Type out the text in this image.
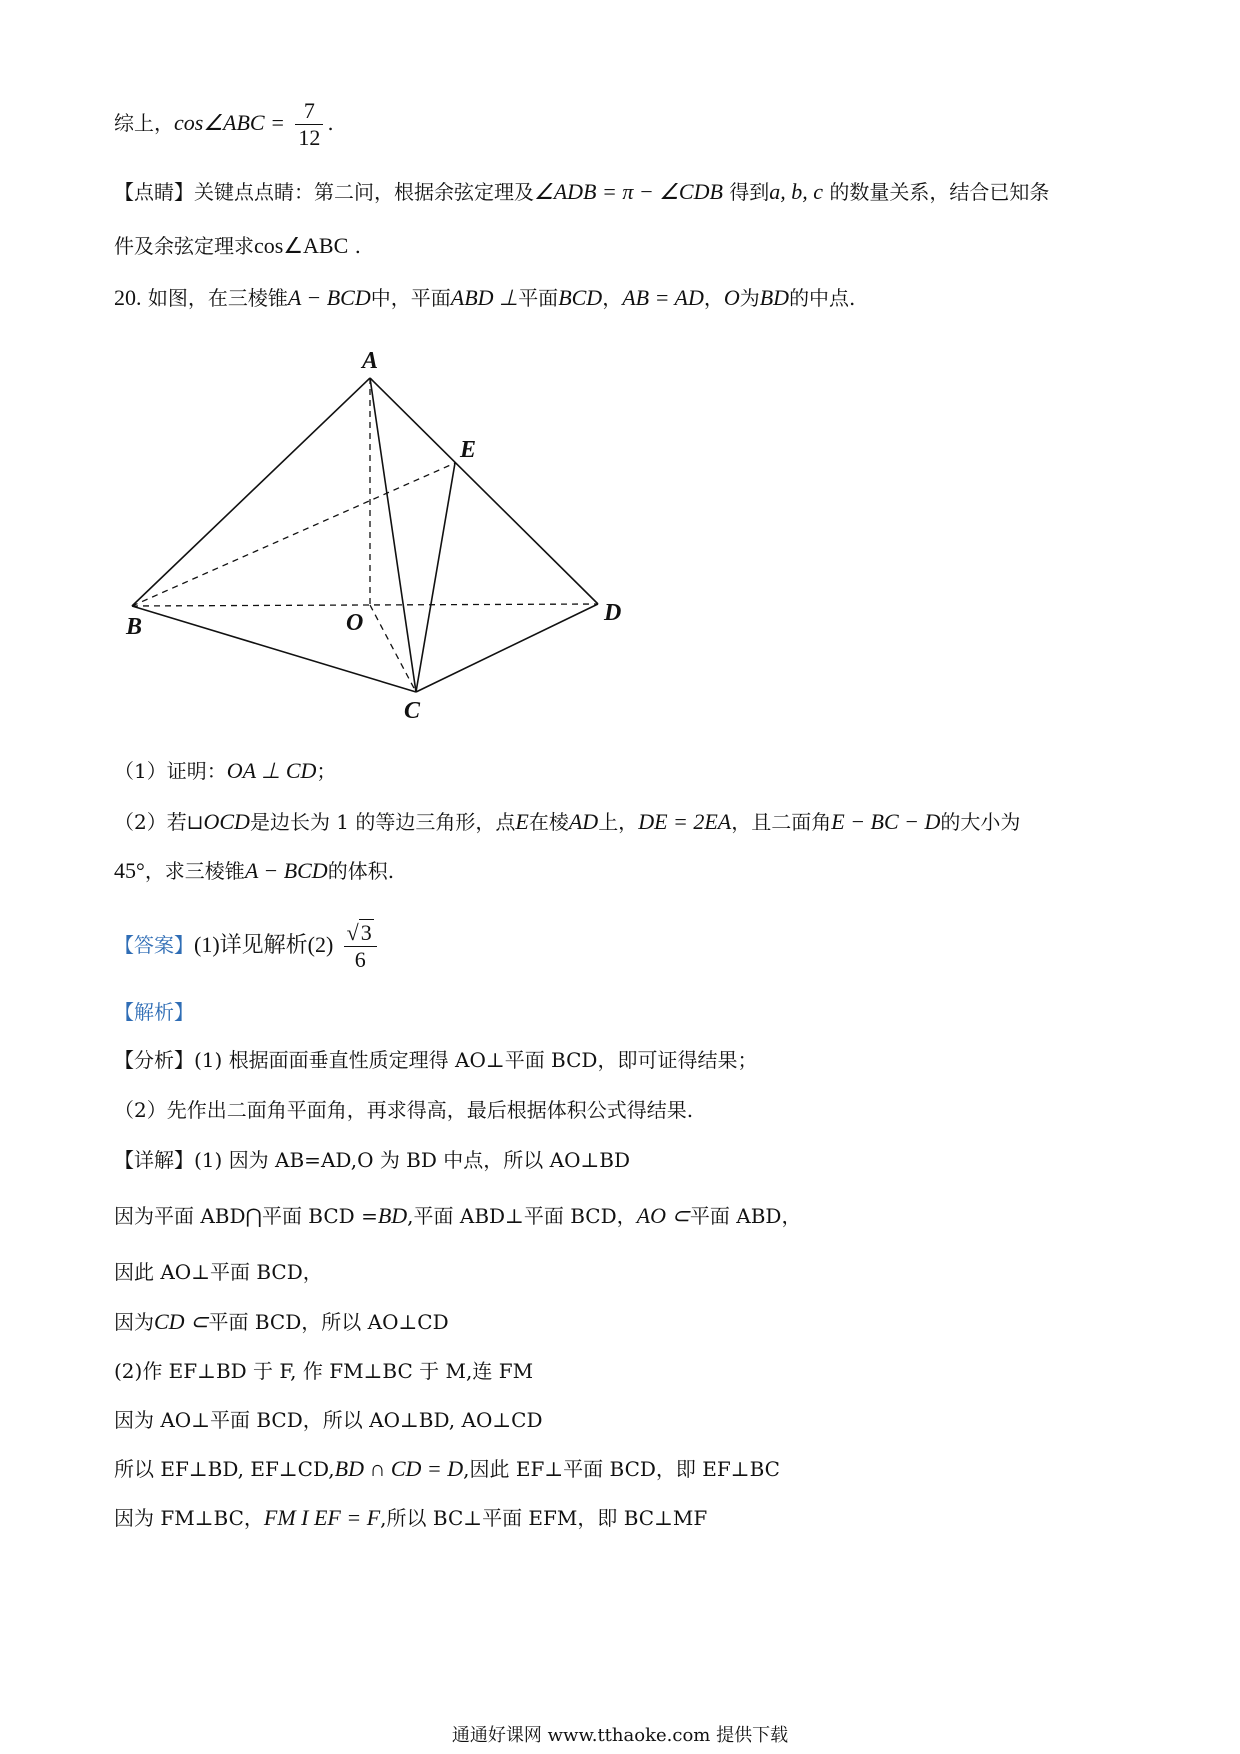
综上，cos∠ABC = $\frac{7}{12}$ .
【点睛】关键点点睛：第二问，根据余弦定理及∠ADB = π − ∠CDB 得到a, b, c 的数量关系，结合已知条
件及余弦定理求cos∠ABC .
20. 如图，在三棱锥A − BCD中，平面ABD ⊥平面BCD，AB = AD，O为BD的中点.
A
E
B	O	D
C
（1）证明：OA ⊥ CD；
（2）若⊔OCD是边长为 1 的等边三角形，点E在棱AD上，DE = 2EA，且二面角E − BC − D的大小为
45°，求三棱锥A − BCD的体积.
【答案】(1)详见解析$(2) \frac{√3}{6}$
【解析】
【分析】(1) 根据面面垂直性质定理得 AO⊥平面 BCD，即可证得结果；
（2）先作出二面角平面角，再求得高，最后根据体积公式得结果.
【详解】(1) 因为 AB=AD,O 为 BD 中点，所以 AO⊥BD
因为平面 ABD⋂平面 BCD =BD,平面 ABD⊥平面 BCD，AO ⊂平面 ABD，
因此 AO⊥平面 BCD，
因为CD ⊂平面 BCD，所以 AO⊥CD
(2)作 EF⊥BD 于 F, 作 FM⊥BC 于 M,连 FM
因为 AO⊥平面 BCD，所以 AO⊥BD, AO⊥CD
所以 EF⊥BD, EF⊥CD,BD ∩ CD = D,因此 EF⊥平面 BCD，即 EF⊥BC
因为 FM⊥BC，FM I EF = F,所以 BC⊥平面 EFM，即 BC⊥MF
通通好课网 www.tthaoke.com 提供下载
